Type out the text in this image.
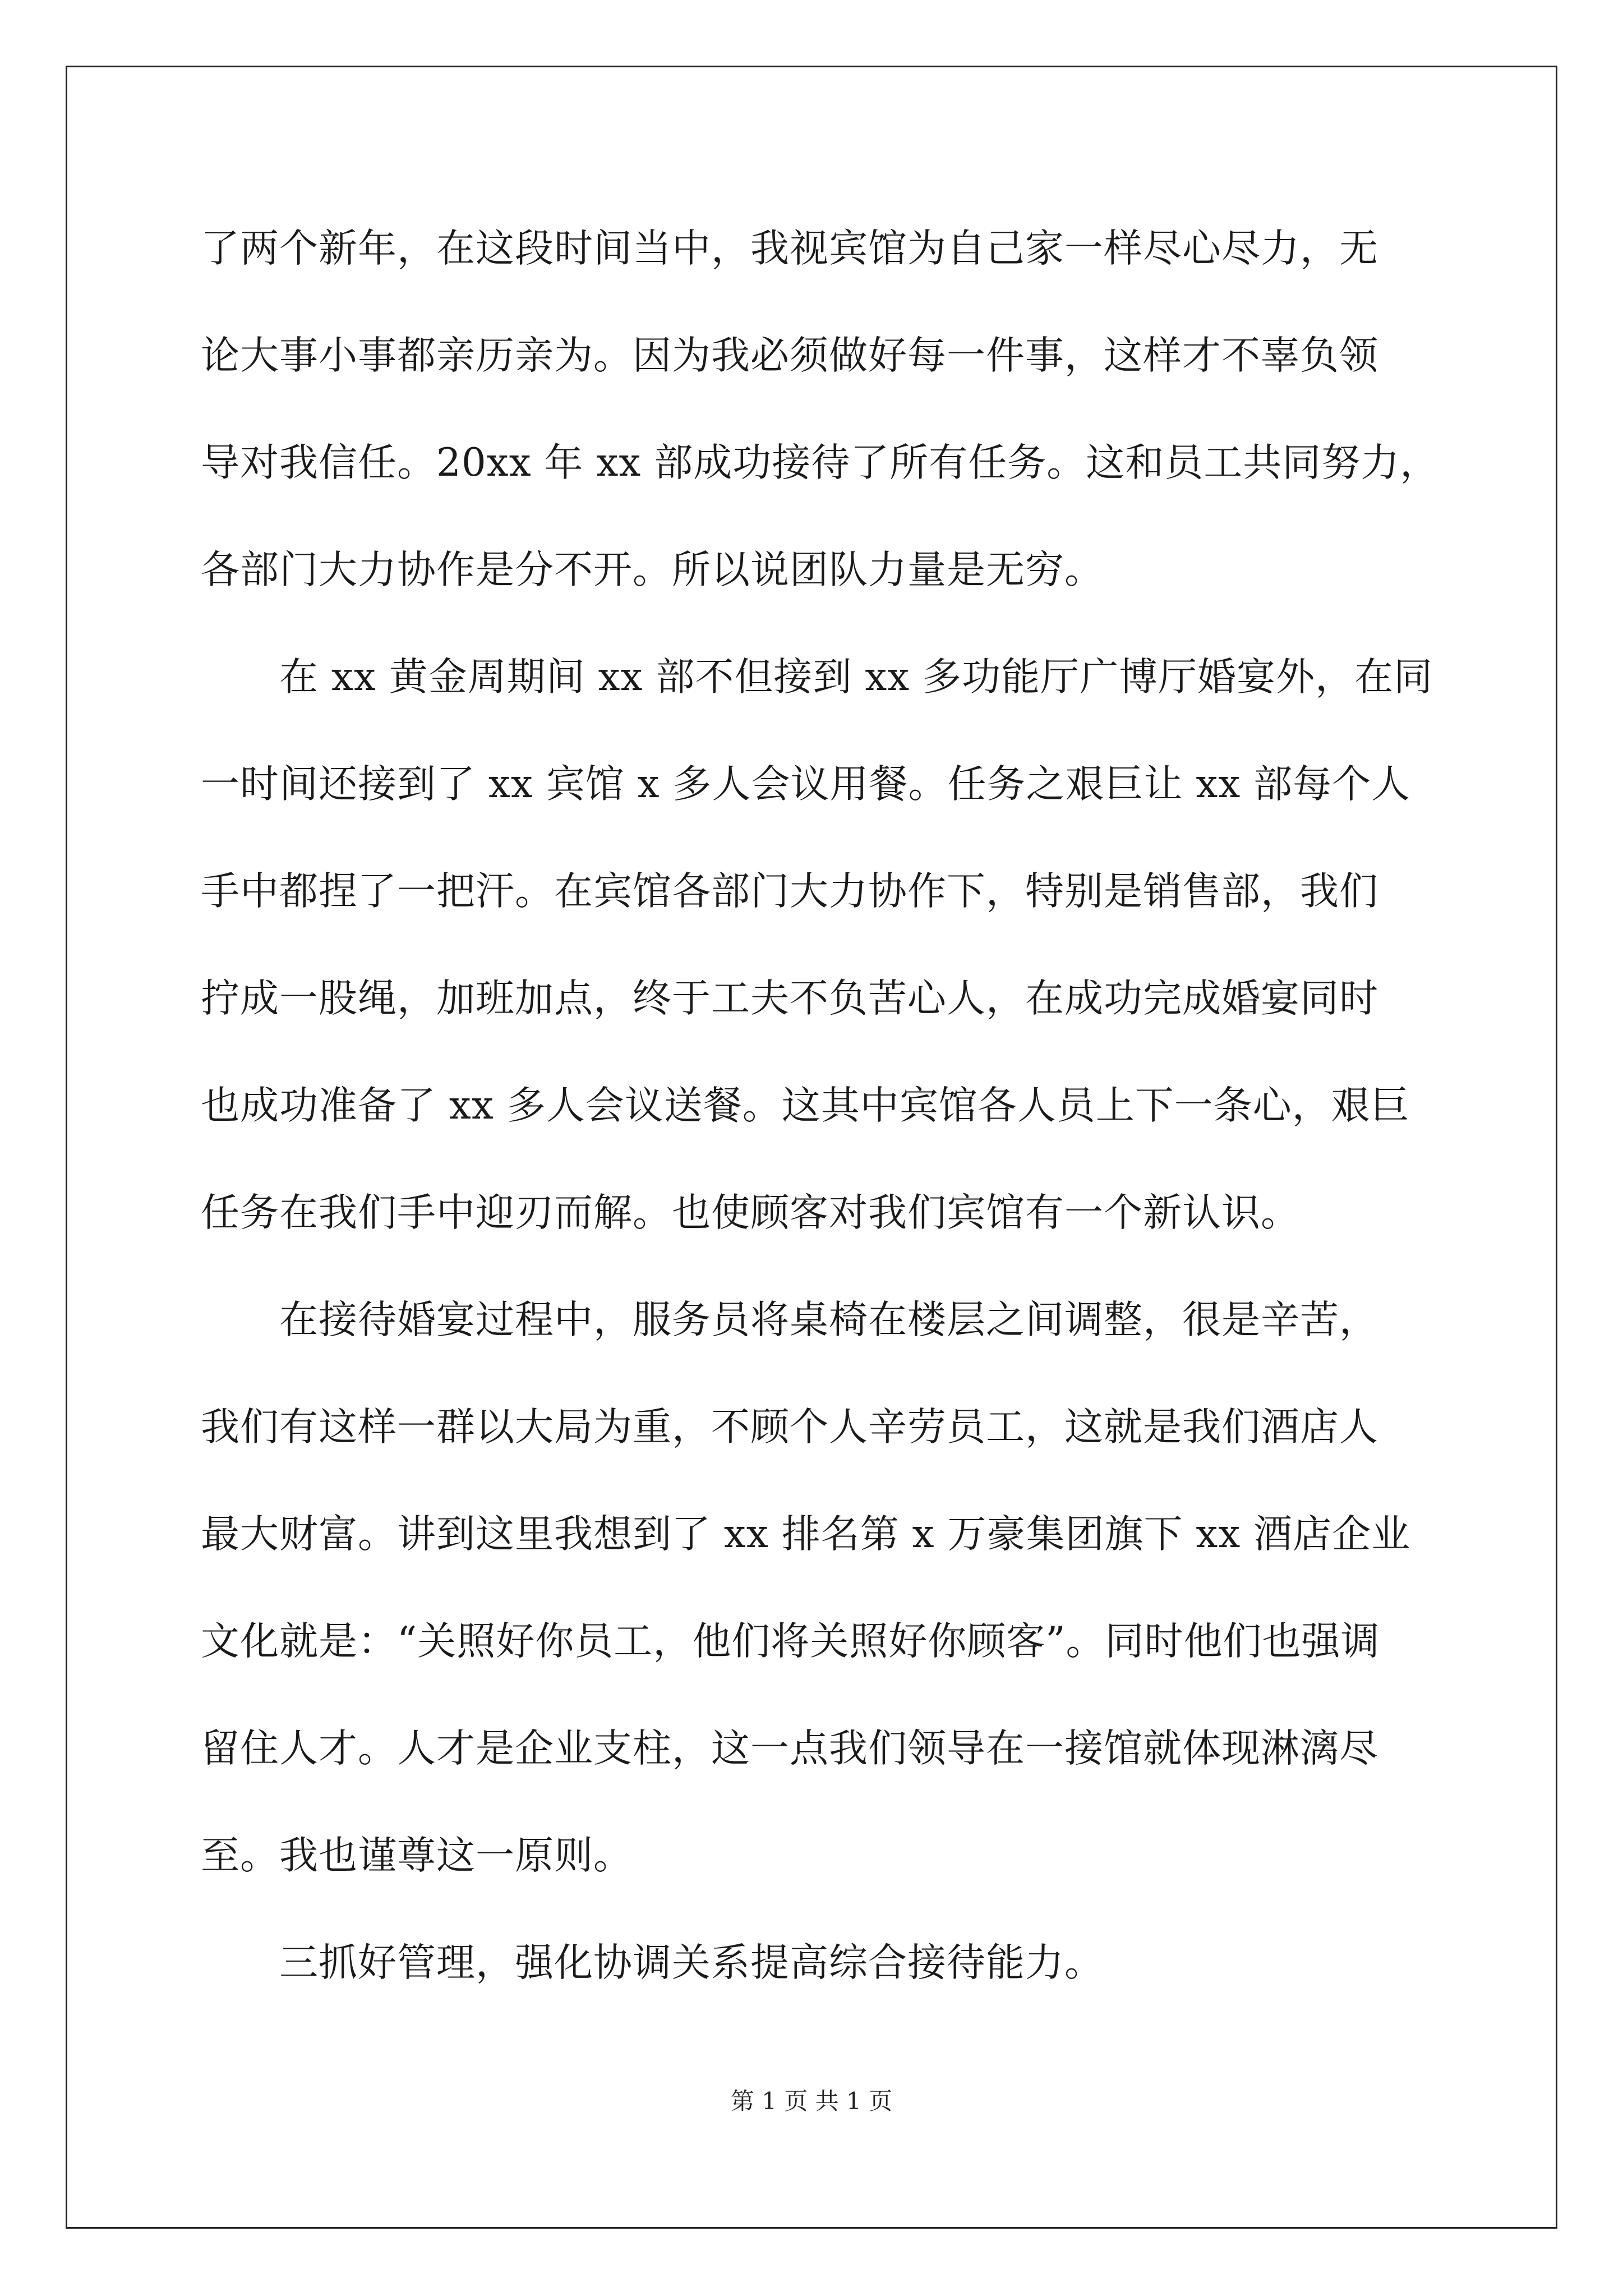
了两个新年，在这段时间当中，我视宾馆为自己家一样尽心尽力，无
论大事小事都亲历亲为。因为我必须做好每一件事，这样才不辜负领
导对我信任。20xx 年 xx 部成功接待了所有任务。这和员工共同努力，
各部门大力协作是分不开。所以说团队力量是无穷。
在 xx 黄金周期间 xx 部不但接到 xx 多功能厅广博厅婚宴外，在同
一时间还接到了 xx 宾馆 x 多人会议用餐。任务之艰巨让 xx 部每个人
手中都捏了一把汗。在宾馆各部门大力协作下，特别是销售部，我们
拧成一股绳，加班加点，终于工夫不负苦心人，在成功完成婚宴同时
也成功准备了 xx 多人会议送餐。这其中宾馆各人员上下一条心，艰巨
任务在我们手中迎刃而解。也使顾客对我们宾馆有一个新认识。
在接待婚宴过程中，服务员将桌椅在楼层之间调整，很是辛苦，
我们有这样一群以大局为重，不顾个人辛劳员工，这就是我们酒店人
最大财富。讲到这里我想到了 xx 排名第 x 万豪集团旗下 xx 酒店企业
文化就是：“关照好你员工，他们将关照好你顾客”。同时他们也强调
留住人才。人才是企业支柱，这一点我们领导在一接馆就体现淋漓尽
至。我也谨尊这一原则。
三抓好管理，强化协调关系提高综合接待能力。
第 1 页 共 1 页
